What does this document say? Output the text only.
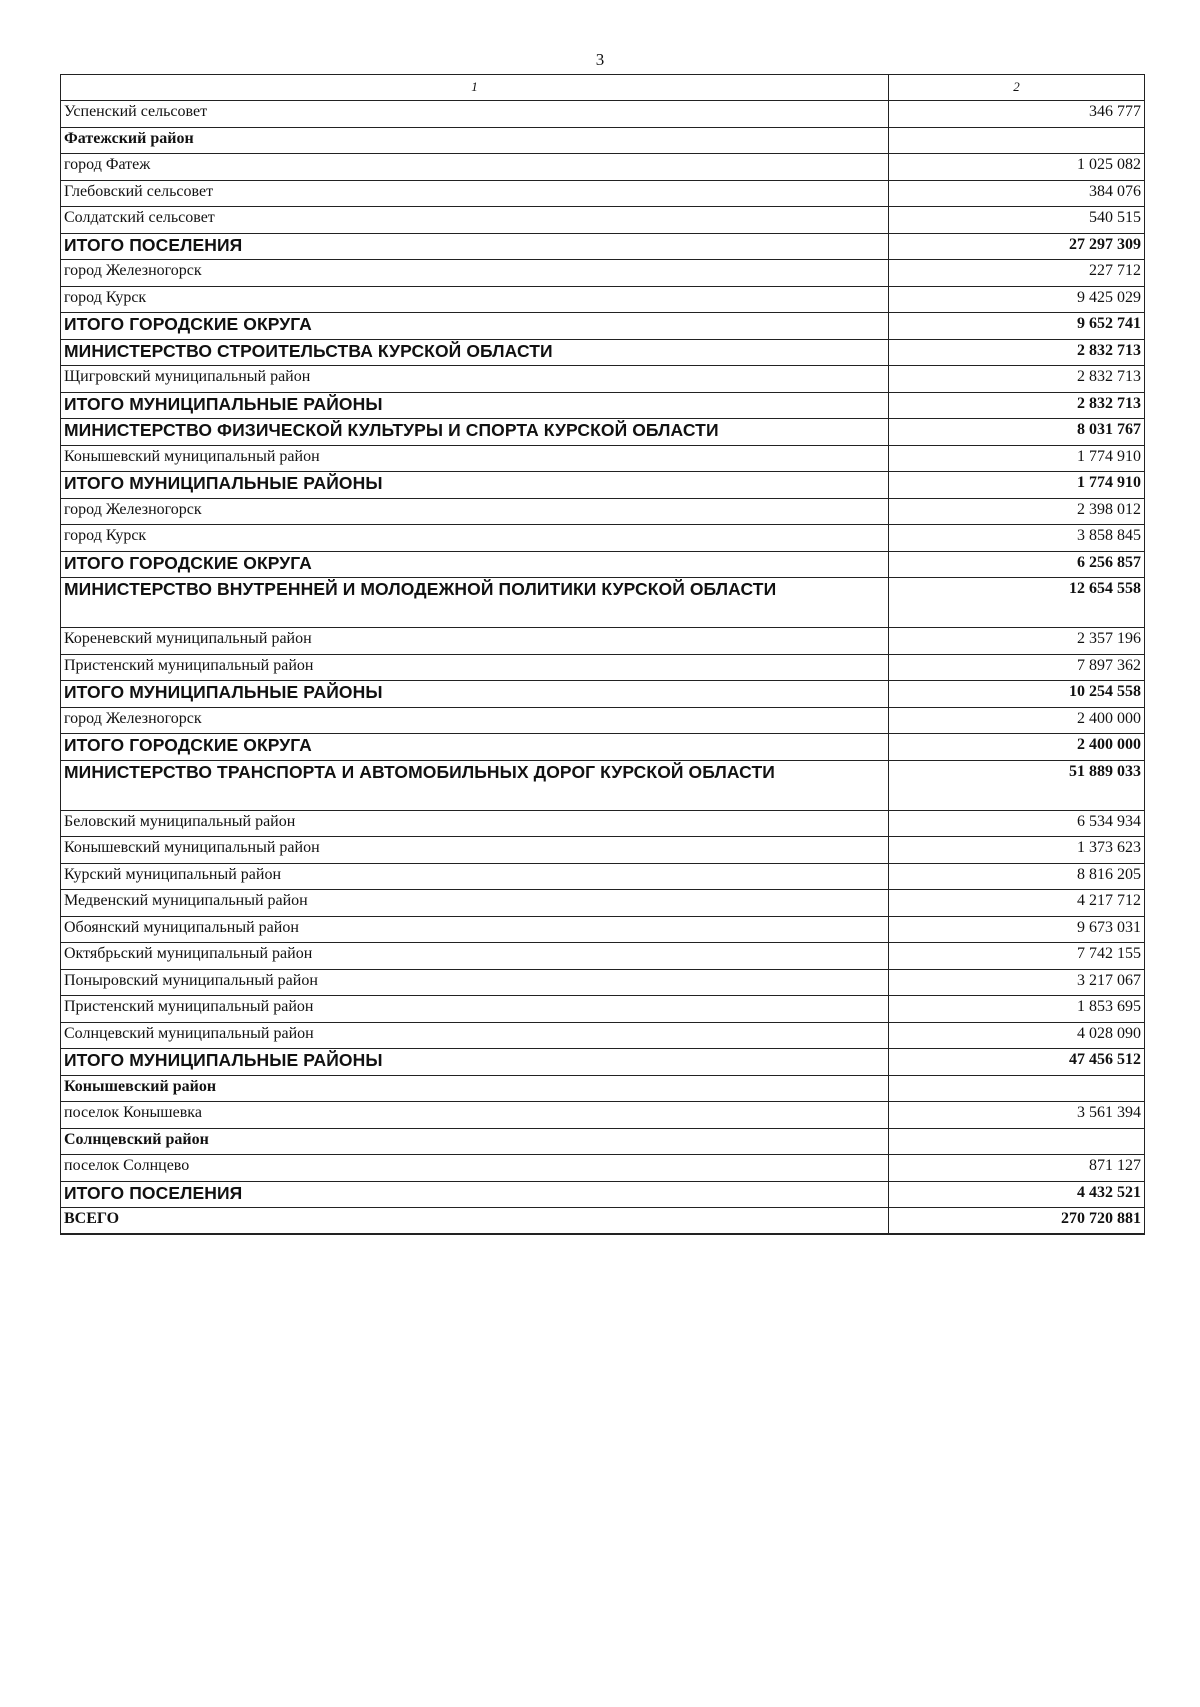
3
1	2
Успенский сельсовет	346 777
Фатежский район	
город Фатеж	1 025 082
Глебовский сельсовет	384 076
Солдатский сельсовет	540 515
ИТОГО ПОСЕЛЕНИЯ	27 297 309
город Железногорск	227 712
город Курск	9 425 029
ИТОГО ГОРОДСКИЕ ОКРУГА	9 652 741
МИНИСТЕРСТВО СТРОИТЕЛЬСТВА КУРСКОЙ ОБЛАСТИ	2 832 713
Щигровский муниципальный район	2 832 713
ИТОГО МУНИЦИПАЛЬНЫЕ РАЙОНЫ	2 832 713
МИНИСТЕРСТВО ФИЗИЧЕСКОЙ КУЛЬТУРЫ И СПОРТА КУРСКОЙ ОБЛАСТИ	8 031 767
Конышевский муниципальный район	1 774 910
ИТОГО МУНИЦИПАЛЬНЫЕ РАЙОНЫ	1 774 910
город Железногорск	2 398 012
город Курск	3 858 845
ИТОГО ГОРОДСКИЕ ОКРУГА	6 256 857
МИНИСТЕРСТВО ВНУТРЕННЕЙ И МОЛОДЕЖНОЙ ПОЛИТИКИ КУРСКОЙ ОБЛАСТИ	12 654 558
Кореневский муниципальный район	2 357 196
Пристенский муниципальный район	7 897 362
ИТОГО МУНИЦИПАЛЬНЫЕ РАЙОНЫ	10 254 558
город Железногорск	2 400 000
ИТОГО ГОРОДСКИЕ ОКРУГА	2 400 000
МИНИСТЕРСТВО ТРАНСПОРТА И АВТОМОБИЛЬНЫХ ДОРОГ КУРСКОЙ ОБЛАСТИ	51 889 033
Беловский муниципальный район	6 534 934
Конышевский муниципальный район	1 373 623
Курский муниципальный район	8 816 205
Медвенский муниципальный район	4 217 712
Обоянский муниципальный район	9 673 031
Октябрьский муниципальный район	7 742 155
Поныровский муниципальный район	3 217 067
Пристенский муниципальный район	1 853 695
Солнцевский муниципальный район	4 028 090
ИТОГО МУНИЦИПАЛЬНЫЕ РАЙОНЫ	47 456 512
Конышевский район	
поселок Конышевка	3 561 394
Солнцевский район	
поселок Солнцево	871 127
ИТОГО ПОСЕЛЕНИЯ	4 432 521
ВСЕГО	270 720 881
